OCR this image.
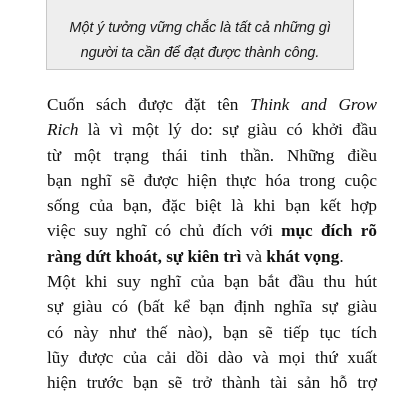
Một ý tưởng vững chắc là tất cả những gì
người ta cần để đạt được thành công.

Cuốn sách được đặt tên Think and Grow
Rich là vì một lý do: sự giàu có khởi đầu
từ một trạng thái tinh thần. Những điều
bạn nghĩ sẽ được hiện thực hóa trong cuộc
sống của bạn, đặc biệt là khi bạn kết hợp
việc suy nghĩ có chủ đích với mục đích rõ
ràng dứt khoát, sự kiên trì và khát vọng.
Một khi suy nghĩ của bạn bắt đầu thu hút
sự giàu có (bất kể bạn định nghĩa sự giàu
có này như thế nào), bạn sẽ tiếp tục tích
lũy được của cải dồi dào và mọi thứ xuất
hiện trước bạn sẽ trở thành tài sản hỗ trợ
